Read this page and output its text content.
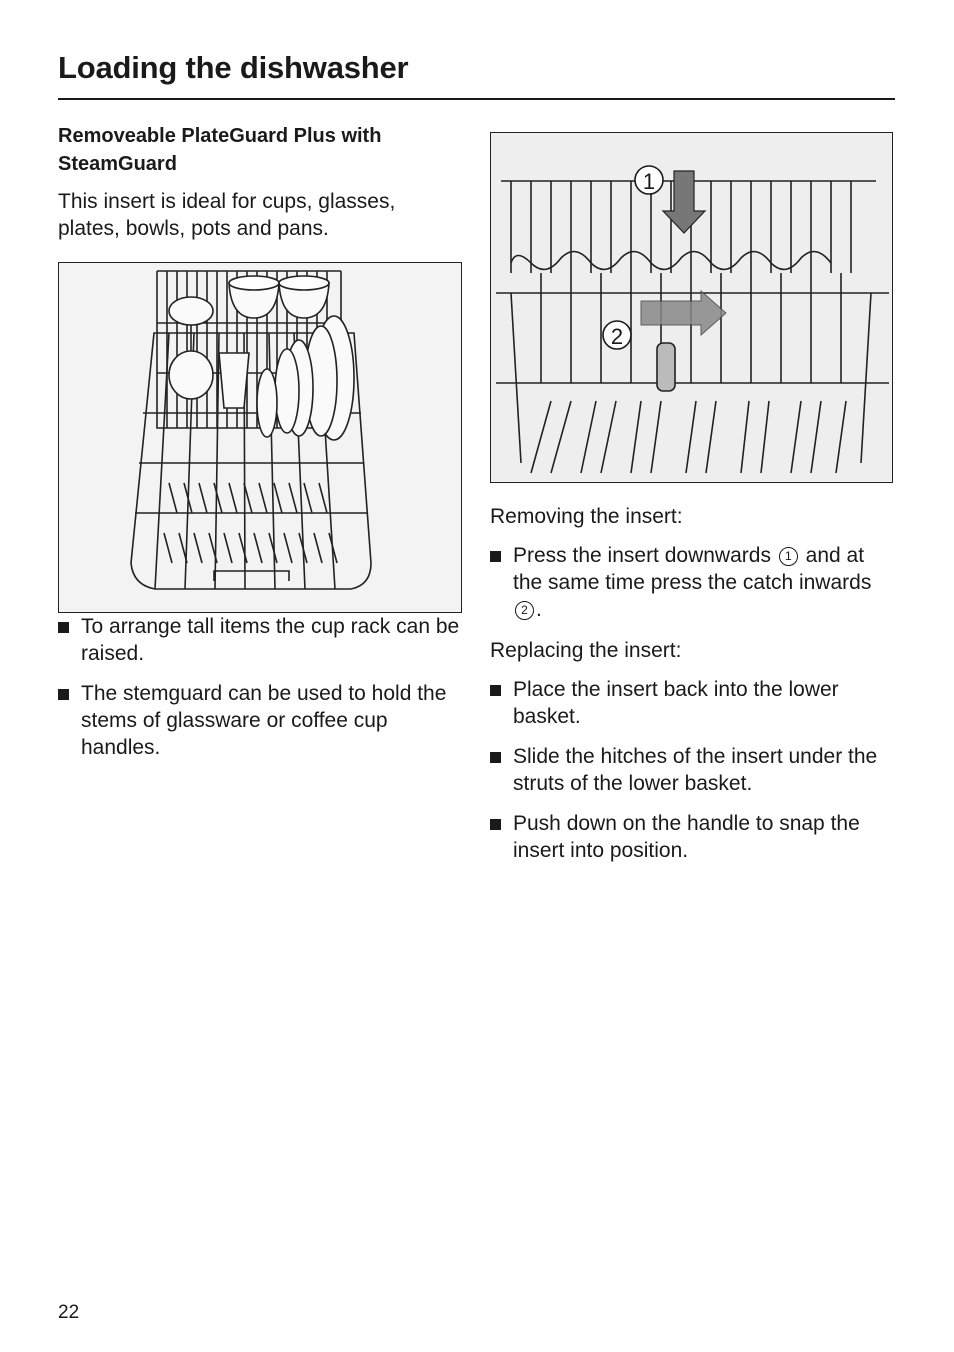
Loading the dishwasher

Removeable PlateGuard Plus with SteamGuard

This insert is ideal for cups, glasses, plates, bowls, pots and pans.

To arrange tall items the cup rack can be raised.
The stemguard can be used to hold the stems of glassware or coffee cup handles.
1
2

Removing the insert:

Press the insert downwards 1 and at the same time press the catch inwards 2 .

Replacing the insert:

Place the insert back into the lower basket.
Slide the hitches of the insert under the struts of the lower basket.
Push down on the handle to snap the insert into position.
22
